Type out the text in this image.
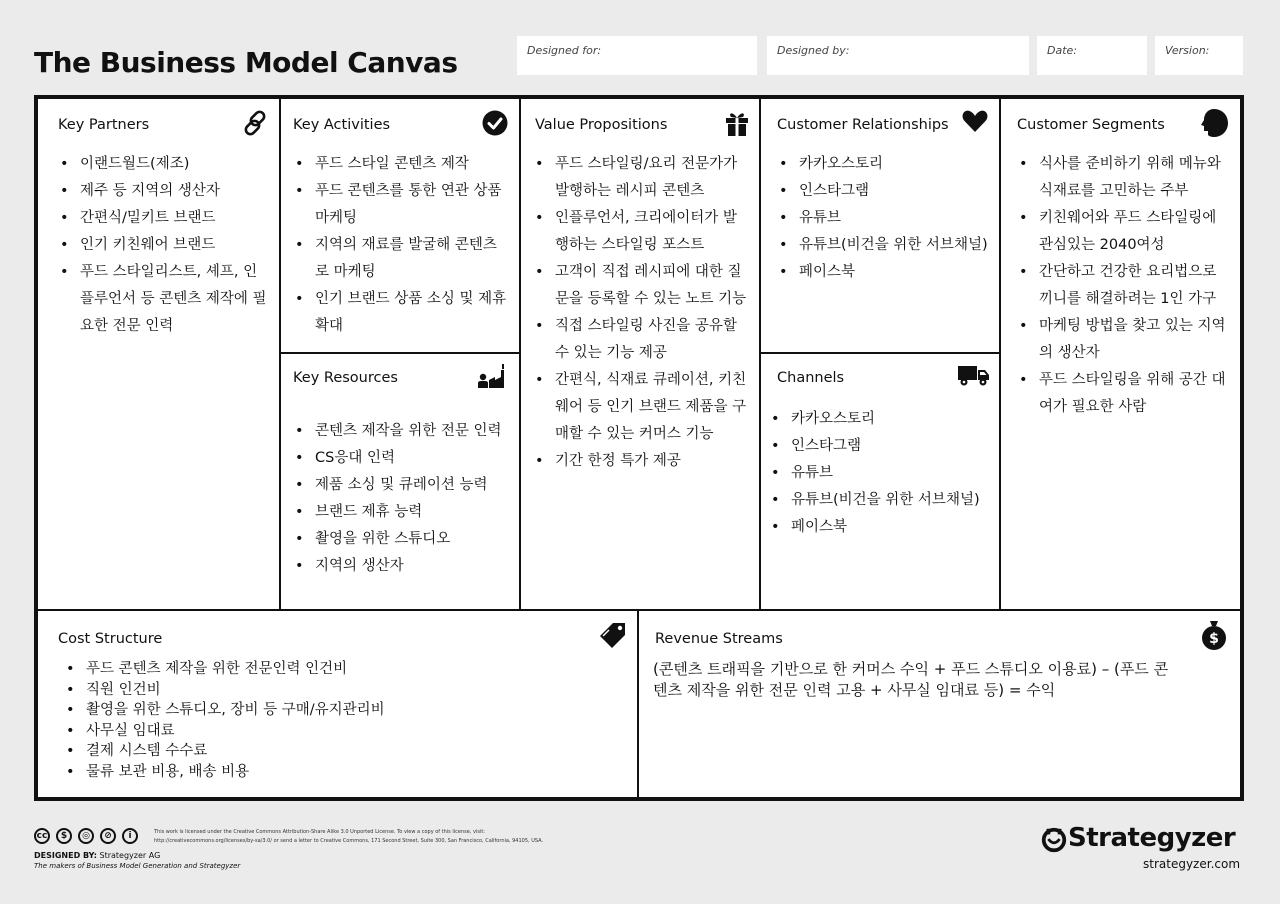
The Business Model Canvas	Designed for:	Designed by:	Date:	Version:
Key Partners
• 이랜드월드(제조)
• 제주 등 지역의 생산자
• 간편식/밀키트 브랜드
• 인기 키친웨어 브랜드
• 푸드 스타일리스트, 셰프, 인플루언서 등 콘텐츠 제작에 필요한 전문 인력
Key Activities
• 푸드 스타일 콘텐츠 제작
• 푸드 콘텐츠를 통한 연관 상품 마케팅
• 지역의 재료를 발굴해 콘텐츠로 마케팅
• 인기 브랜드 상품 소싱 및 제휴 확대
Key Resources
• 콘텐츠 제작을 위한 전문 인력
• CS응대 인력
• 제품 소싱 및 큐레이션 능력
• 브랜드 제휴 능력
• 촬영을 위한 스튜디오
• 지역의 생산자
Value Propositions
• 푸드 스타일링/요리 전문가가 발행하는 레시피 콘텐츠
• 인플루언서, 크리에이터가 발행하는 스타일링 포스트
• 고객이 직접 레시피에 대한 질문을 등록할 수 있는 노트 기능
• 직접 스타일링 사진을 공유할 수 있는 기능 제공
• 간편식, 식재료 큐레이션, 키친웨어 등 인기 브랜드 제품을 구매할 수 있는 커머스 기능
• 기간 한정 특가 제공
Customer Relationships
• 카카오스토리
• 인스타그램
• 유튜브
• 유튜브(비건을 위한 서브채널)
• 페이스북
Channels
• 카카오스토리
• 인스타그램
• 유튜브
• 유튜브(비건을 위한 서브채널)
• 페이스북
Customer Segments
• 식사를 준비하기 위해 메뉴와 식재료를 고민하는 주부
• 키친웨어와 푸드 스타일링에 관심있는 2040여성
• 간단하고 건강한 요리법으로 끼니를 해결하려는 1인 가구
• 마케팅 방법을 찾고 있는 지역의 생산자
• 푸드 스타일링을 위해 공간 대여가 필요한 사람
Cost Structure
• 푸드 콘텐츠 제작을 위한 전문인력 인건비
• 직원 인건비
• 촬영을 위한 스튜디오, 장비 등 구매/유지관리비
• 사무실 임대료
• 결제 시스템 수수료
• 물류 보관 비용, 배송 비용
Revenue Streams	$
(콘텐츠 트래픽을 기반으로 한 커머스 수익 + 푸드 스튜디오 이용료) – (푸드 콘텐츠 제작을 위한 전문 인력 고용 + 사무실 임대료 등) = 수익
cc	$	◎	⊘	i	This work is licensed under the Creative Commons Attribution-Share Alike 3.0 Unported License. To view a copy of this license, visit:
http://creativecommons.org/licenses/by-sa/3.0/ or send a letter to Creative Commons, 171 Second Street, Suite 300, San Francisco, California, 94105, USA.
DESIGNED BY: Strategyzer AG
The makers of Business Model Generation and Strategyzer
Strategyzer
strategyzer.com
